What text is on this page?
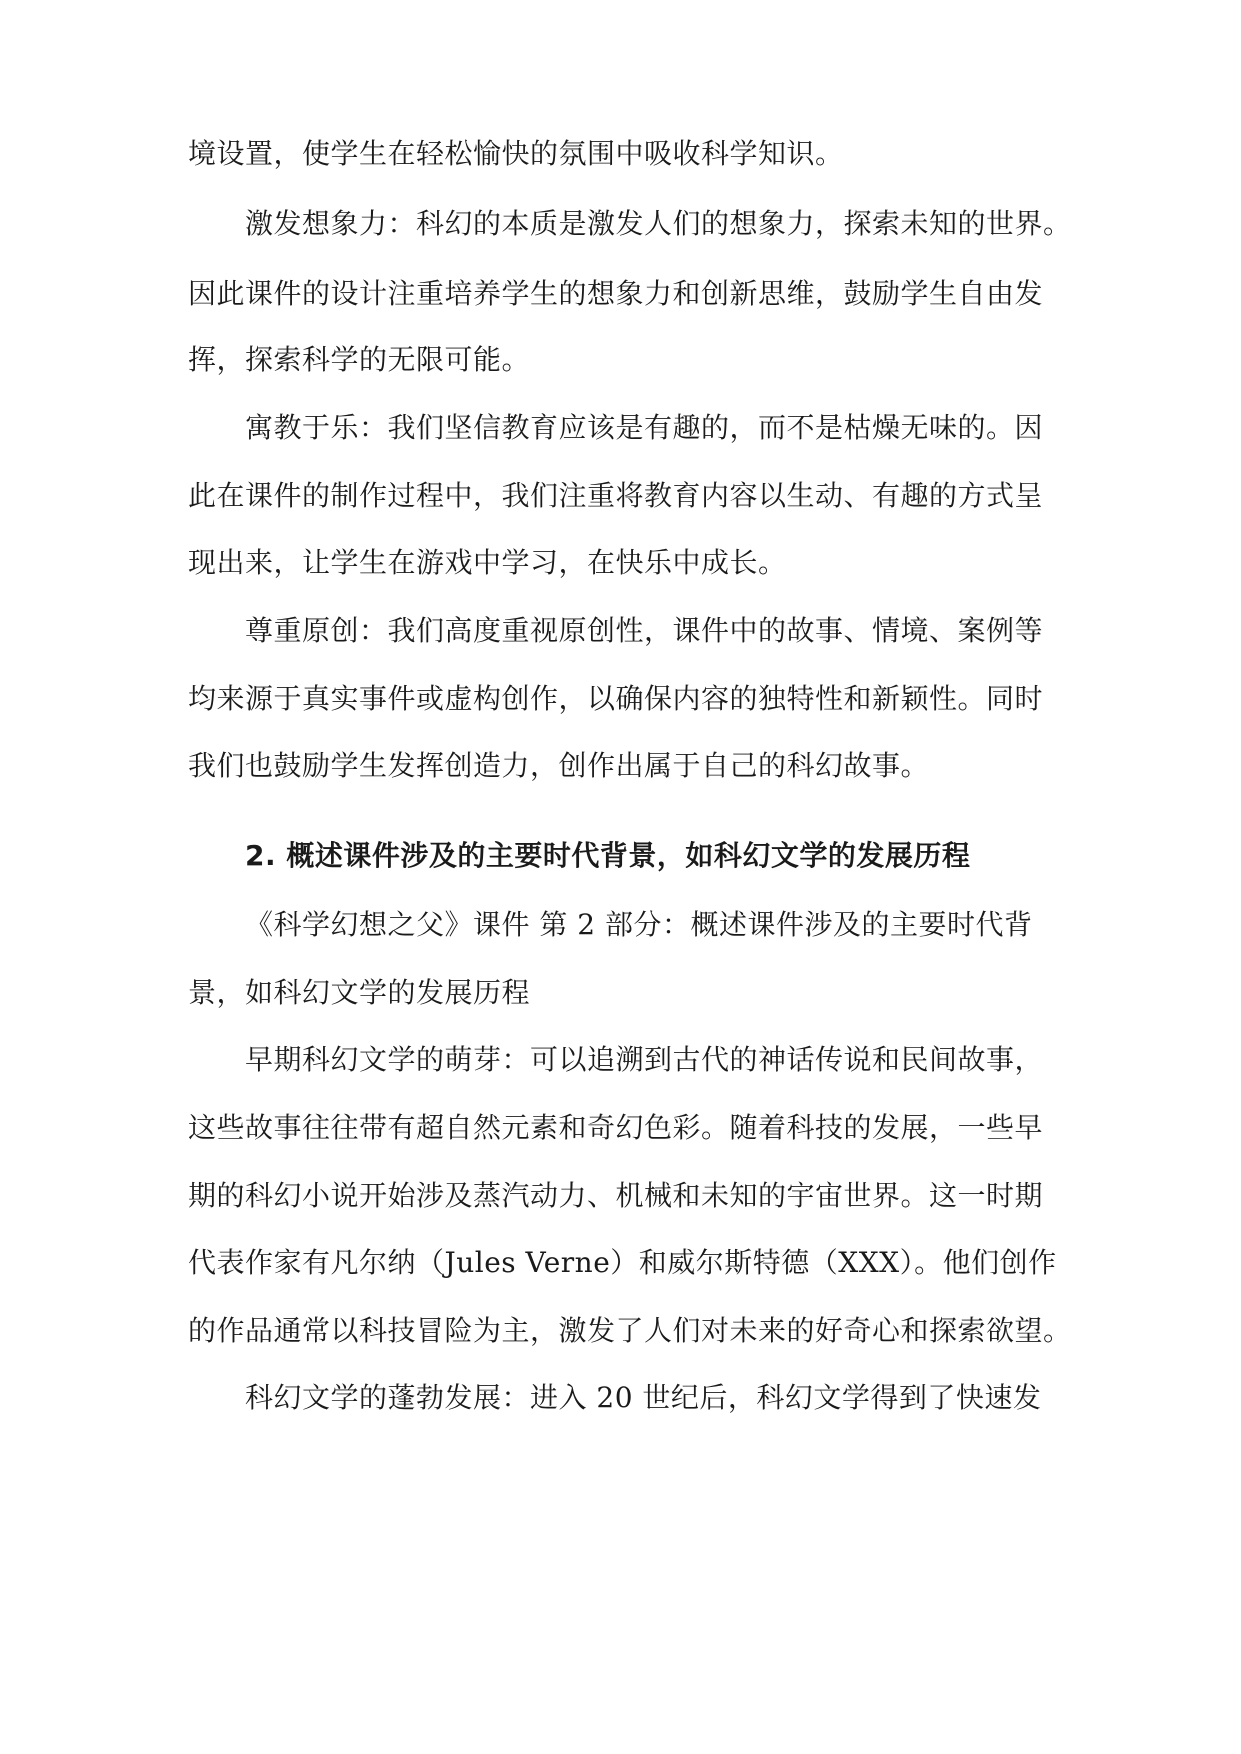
境设置，使学生在轻松愉快的氛围中吸收科学知识。
激发想象力：科幻的本质是激发人们的想象力，探索未知的世界。
因此课件的设计注重培养学生的想象力和创新思维，鼓励学生自由发
挥，探索科学的无限可能。
寓教于乐：我们坚信教育应该是有趣的，而不是枯燥无味的。因
此在课件的制作过程中，我们注重将教育内容以生动、有趣的方式呈
现出来，让学生在游戏中学习，在快乐中成长。
尊重原创：我们高度重视原创性，课件中的故事、情境、案例等
均来源于真实事件或虚构创作，以确保内容的独特性和新颖性。同时
我们也鼓励学生发挥创造力，创作出属于自己的科幻故事。
2. 概述课件涉及的主要时代背景，如科幻文学的发展历程
《科学幻想之父》课件 第 2 部分：概述课件涉及的主要时代背
景，如科幻文学的发展历程
早期科幻文学的萌芽：可以追溯到古代的神话传说和民间故事，
这些故事往往带有超自然元素和奇幻色彩。随着科技的发展，一些早
期的科幻小说开始涉及蒸汽动力、机械和未知的宇宙世界。这一时期
代表作家有凡尔纳（Jules Verne）和威尔斯特德（XXX）。他们创作
的作品通常以科技冒险为主，激发了人们对未来的好奇心和探索欲望。
科幻文学的蓬勃发展：进入 20 世纪后，科幻文学得到了快速发
